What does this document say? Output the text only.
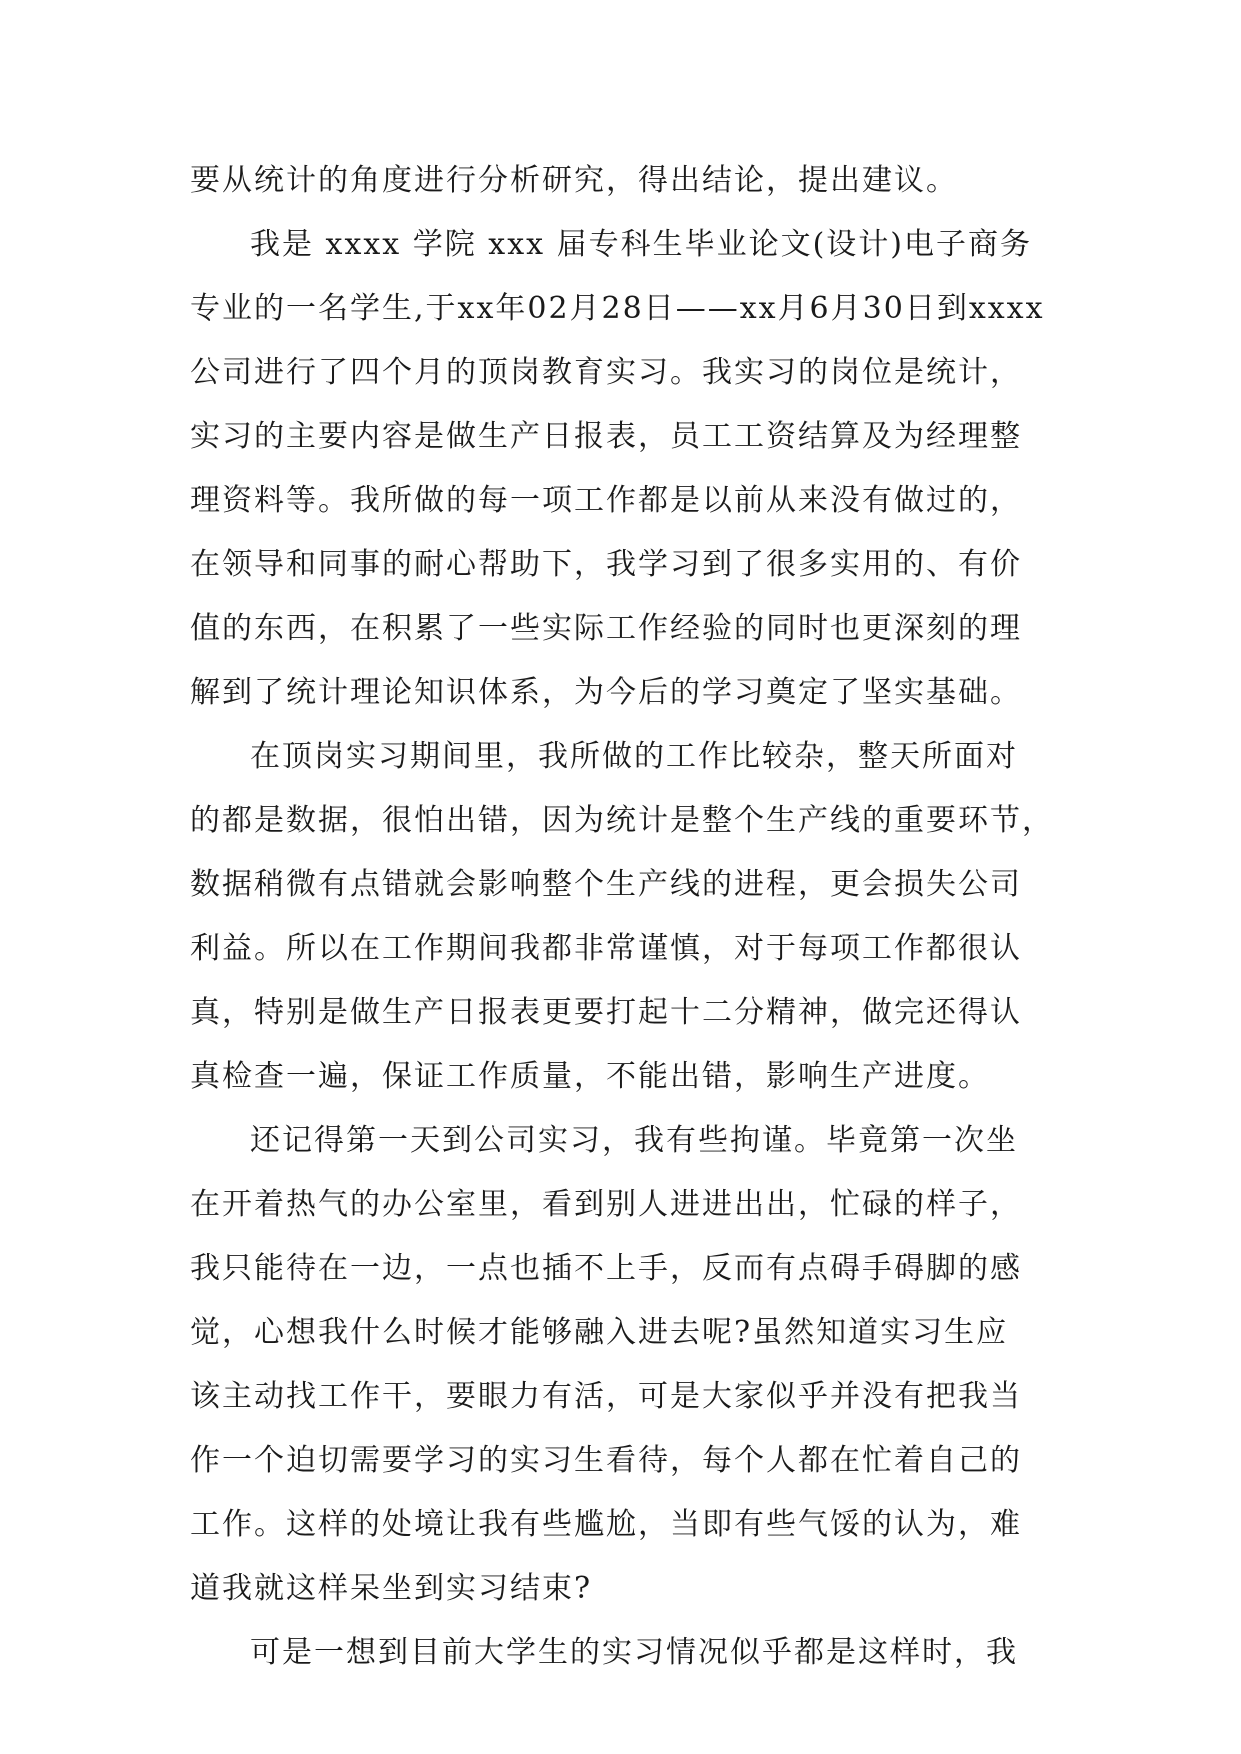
要从统计的角度进行分析研究，得出结论，提出建议。
我是 xxxx 学院 xxx 届专科生毕业论文(设计)电子商务
专业的一名学生,于xx年02月28日——xx月6月30日到xxxx
公司进行了四个月的顶岗教育实习。我实习的岗位是统计，
实习的主要内容是做生产日报表，员工工资结算及为经理整
理资料等。我所做的每一项工作都是以前从来没有做过的，
在领导和同事的耐心帮助下，我学习到了很多实用的、有价
值的东西，在积累了一些实际工作经验的同时也更深刻的理
解到了统计理论知识体系，为今后的学习奠定了坚实基础。
在顶岗实习期间里，我所做的工作比较杂，整天所面对
的都是数据，很怕出错，因为统计是整个生产线的重要环节，
数据稍微有点错就会影响整个生产线的进程，更会损失公司
利益。所以在工作期间我都非常谨慎，对于每项工作都很认
真，特别是做生产日报表更要打起十二分精神，做完还得认
真检查一遍，保证工作质量，不能出错，影响生产进度。
还记得第一天到公司实习，我有些拘谨。毕竟第一次坐
在开着热气的办公室里，看到别人进进出出，忙碌的样子，
我只能待在一边，一点也插不上手，反而有点碍手碍脚的感
觉，心想我什么时候才能够融入进去呢?虽然知道实习生应
该主动找工作干，要眼力有活，可是大家似乎并没有把我当
作一个迫切需要学习的实习生看待，每个人都在忙着自己的
工作。这样的处境让我有些尴尬，当即有些气馁的认为，难
道我就这样呆坐到实习结束?
可是一想到目前大学生的实习情况似乎都是这样时，我
